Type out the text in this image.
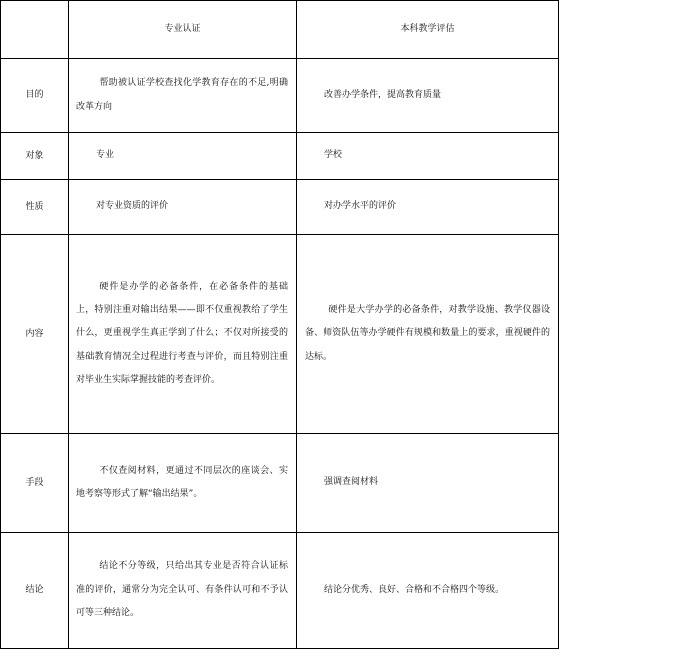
	专业认证	本科教学评估
目的	帮助被认证学校查找化学教育存在的不足,明确改革方向	改善办学条件，提高教育质量

对象	专业	学校

性质	对专业资质的评价	对办学水平的评价

内容	硬件是办学的必备条件，在必备条件的基础上，特别注重对输出结果——即不仅重视教给了学生什么，更重视学生真正学到了什么；不仅对所接受的基础教育情况全过程进行考查与评价，而且特别注重对毕业生实际掌握技能的考查评价。	硬件是大学办学的必备条件，对教学设施、教学仪器设备、师资队伍等办学硬件有规模和数量上的要求，重视硬件的达标。

手段	不仅查阅材料，更通过不同层次的座谈会、实地考察等形式了解“输出结果”。	强调查阅材料

结论	结论不分等级，只给出其专业是否符合认证标准的评价，通常分为完全认可、有条件认可和不予认可等三种结论。	结论分优秀、良好、合格和不合格四个等级。
